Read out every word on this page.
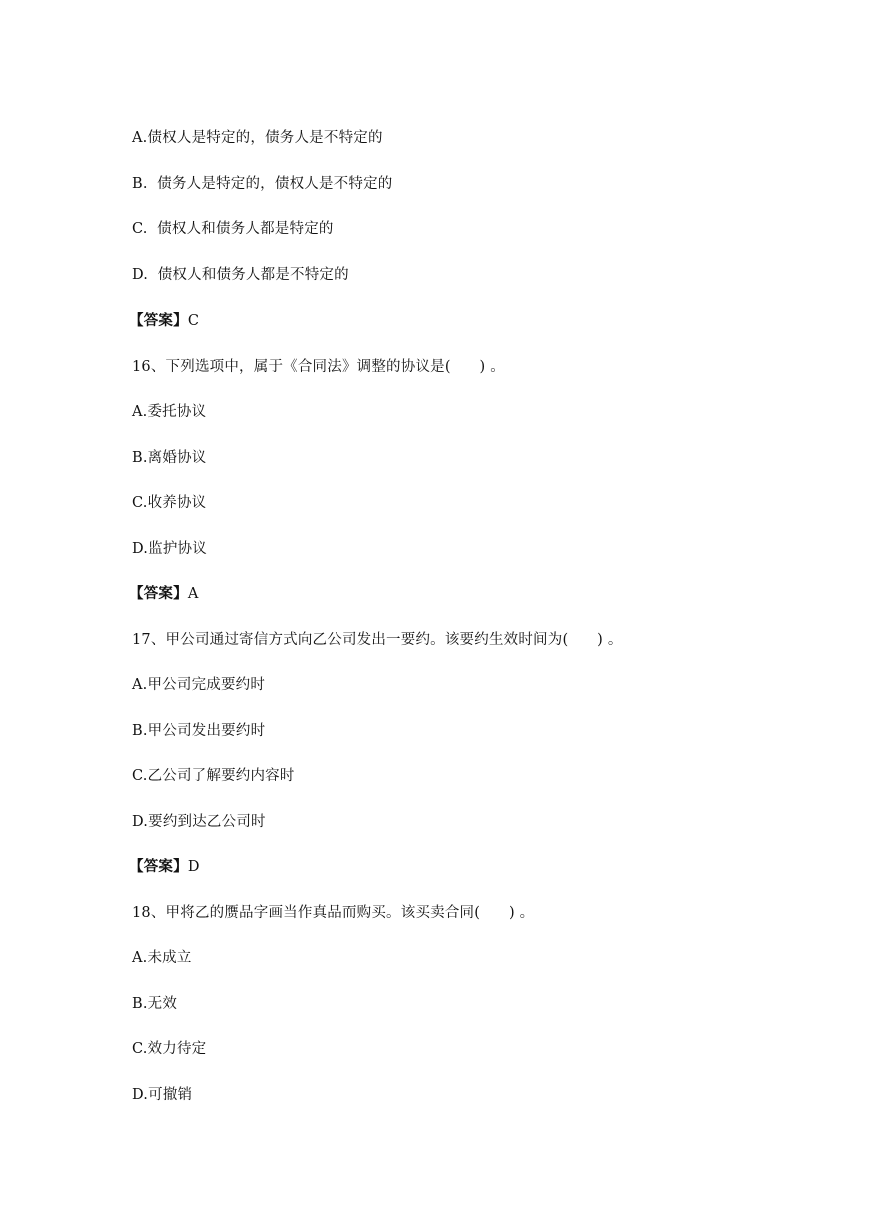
A.债权人是特定的，债务人是不特定的
B.  债务人是特定的，债权人是不特定的
C.  债权人和债务人都是特定的
D.  债权人和债务人都是不特定的
【答案】C
16、下列选项中，属于《合同法》调整的协议是(      ) 。
A.委托协议
B.离婚协议
C.收养协议
D.监护协议
【答案】A
17、甲公司通过寄信方式向乙公司发出一要约。该要约生效时间为(      ) 。
A.甲公司完成要约时
B.甲公司发出要约时
C.乙公司了解要约内容时
D.要约到达乙公司时
【答案】D
18、甲将乙的赝品字画当作真品而购买。该买卖合同(      ) 。
A.未成立
B.无效
C.效力待定
D.可撤销
